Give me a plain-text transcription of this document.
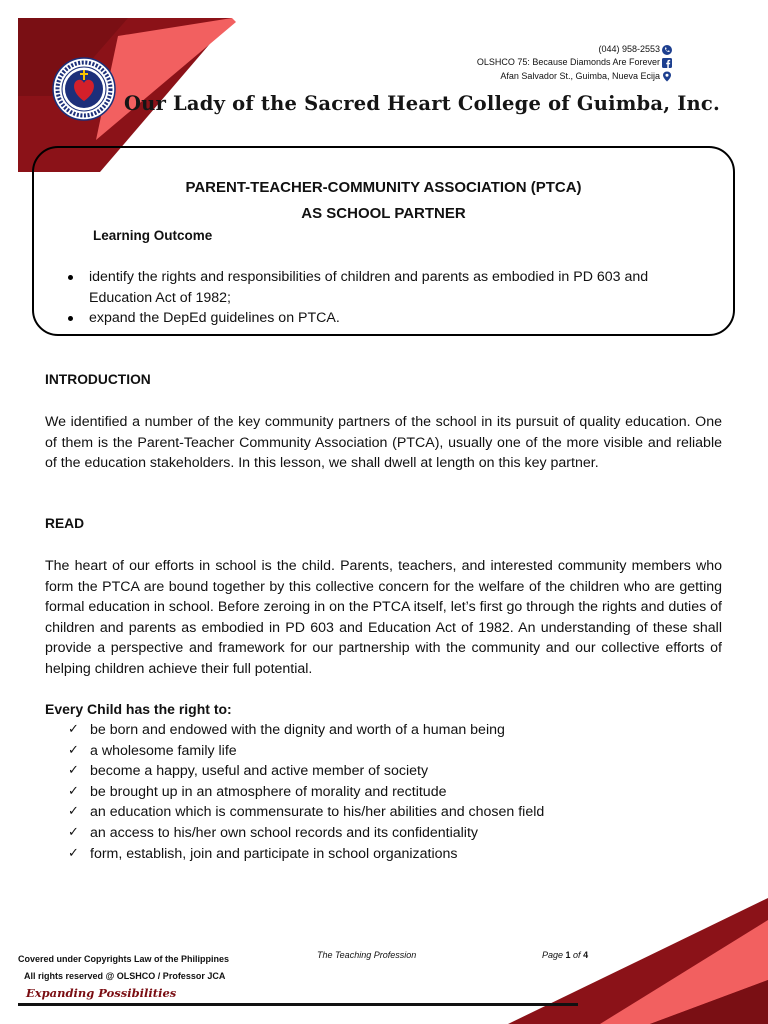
(044) 958-2553
OLSHCO 75: Because Diamonds Are Forever
Afan Salvador St., Guimba, Nueva Ecija
Our Lady of the Sacred Heart College of Guimba, Inc.
PARENT-TEACHER-COMMUNITY ASSOCIATION (PTCA)
AS SCHOOL PARTNER
Learning Outcome
identify the rights and responsibilities of children and parents as embodied in PD 603 and Education Act of 1982;
expand the DepEd guidelines on PTCA.
INTRODUCTION

We identified a number of the key community partners of the school in its pursuit of quality education. One of them is the Parent-Teacher Community Association (PTCA), usually one of the more visible and reliable of the education stakeholders. In this lesson, we shall dwell at length on this key partner.

READ

The heart of our efforts in school is the child. Parents, teachers, and interested community members who form the PTCA are bound together by this collective concern for the welfare of the children who are getting formal education in school. Before zeroing in on the PTCA itself, let’s first go through the rights and duties of children and parents as embodied in PD 603 and Education Act of 1982. An understanding of these shall provide a perspective and framework for our partnership with the community and our collective efforts of helping children achieve their full potential.

Every Child has the right to:
✓ be born and endowed with the dignity and worth of a human being
✓ a wholesome family life
✓ become a happy, useful and active member of society
✓ be brought up in an atmosphere of morality and rectitude
✓ an education which is commensurate to his/her abilities and chosen field
✓ an access to his/her own school records and its confidentiality
✓ form, establish, join and participate in school organizations
Covered under Copyrights Law of the Philippines
All rights reserved @ OLSHCO / Professor JCA
Expanding Possibilities
The Teaching Profession	Page 1 of 4
